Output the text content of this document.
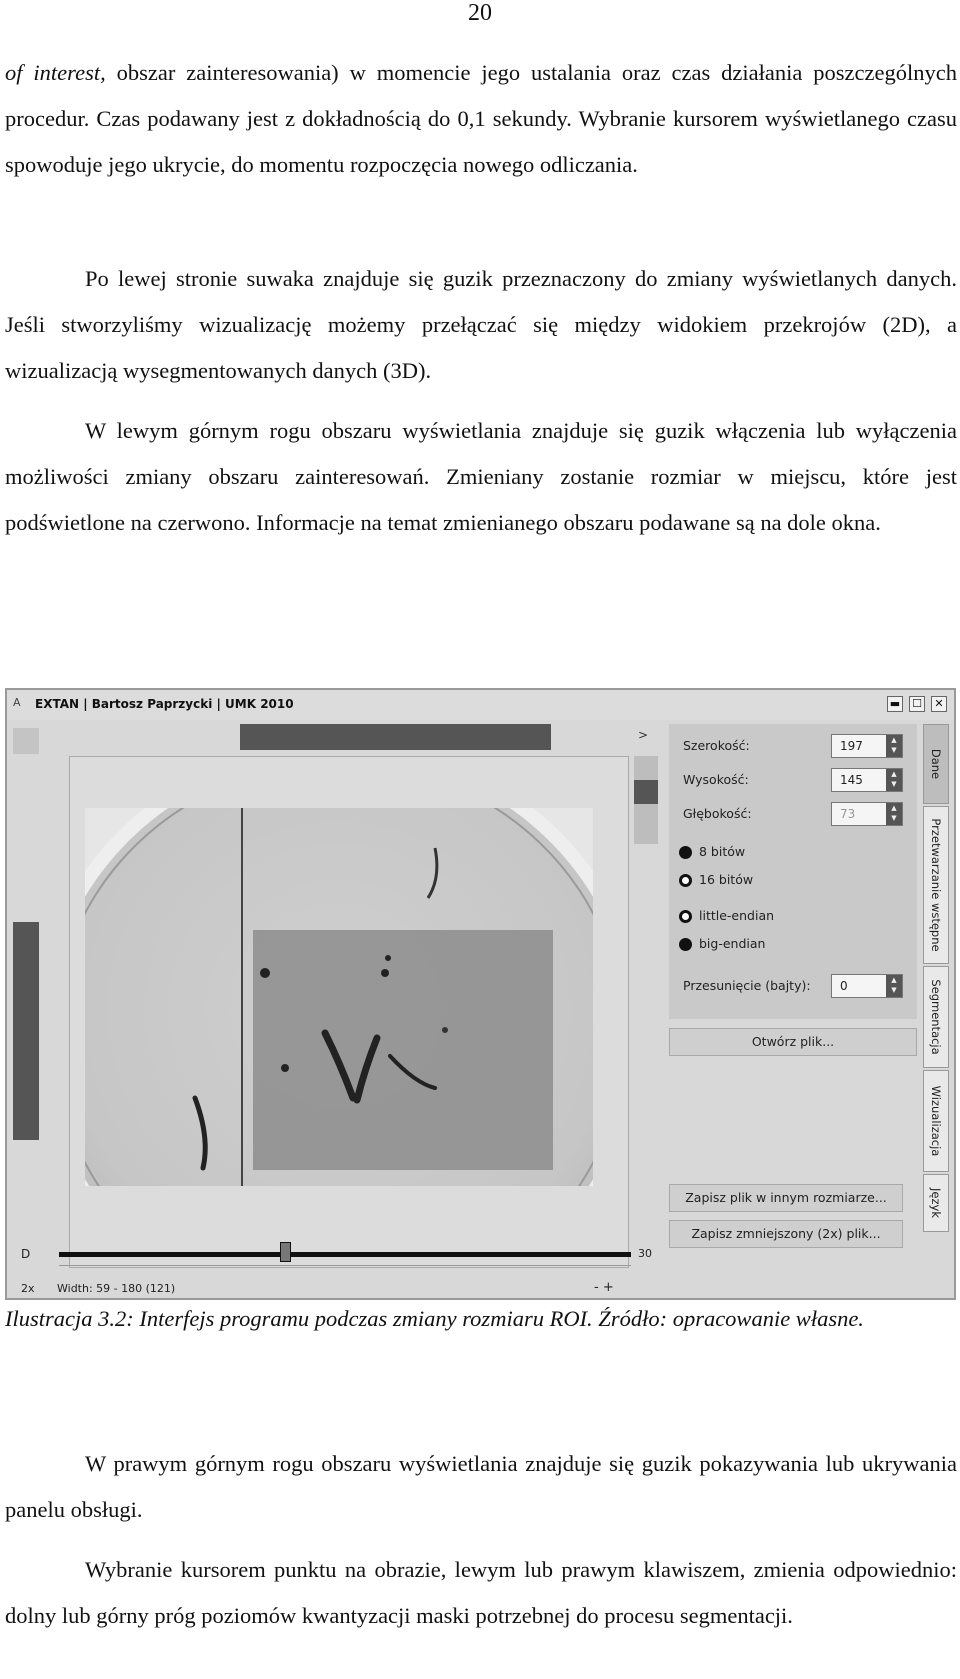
20

of interest, obszar zainteresowania) w momencie jego ustalania oraz czas działania poszczególnych procedur. Czas podawany jest z dokładnością do 0,1 sekundy. Wybranie kursorem wyświetlanego czasu spowoduje jego ukrycie, do momentu rozpoczęcia nowego odliczania.

Po lewej stronie suwaka znajduje się guzik przeznaczony do zmiany wyświetlanych danych. Jeśli stworzyliśmy wizualizację możemy przełączać się między widokiem przekrojów (2D), a wizualizacją wysegmentowanych danych (3D).

W lewym górnym rogu obszaru wyświetlania znajduje się guzik włączenia lub wyłączenia możliwości zmiany obszaru zainteresowań. Zmieniany zostanie rozmiar w miejscu, które jest podświetlone na czerwono. Informacje na temat zmienianego obszaru podawane są na dole okna.

A EXTAN | Bartosz Paprzycki | UMK 2010	▬ ☐	✕
>
D	30
2x Width: 59 - 180 (121)	- +
Szerokość:	197	▲
▼
Wysokość:	145	▲
▼
Głębokość:	73	▲
▼
8 bitów
16 bitów
little-endian
big-endian
Przesunięcie (bajty): 0	▲
▼
Otwórz plik...
Zapisz plik w innym rozmiarze...
Zapisz zmniejszony (2x) plik...
Dane
Przetwarzanie wstępne
Segmentacja
Wizualizacja
Język

Ilustracja 3.2: Interfejs programu podczas zmiany rozmiaru ROI. Źródło: opracowanie własne.

W prawym górnym rogu obszaru wyświetlania znajduje się guzik pokazywania lub ukrywania panelu obsługi.

Wybranie kursorem punktu na obrazie, lewym lub prawym klawiszem, zmienia odpowiednio: dolny lub górny próg poziomów kwantyzacji maski potrzebnej do procesu segmentacji.
